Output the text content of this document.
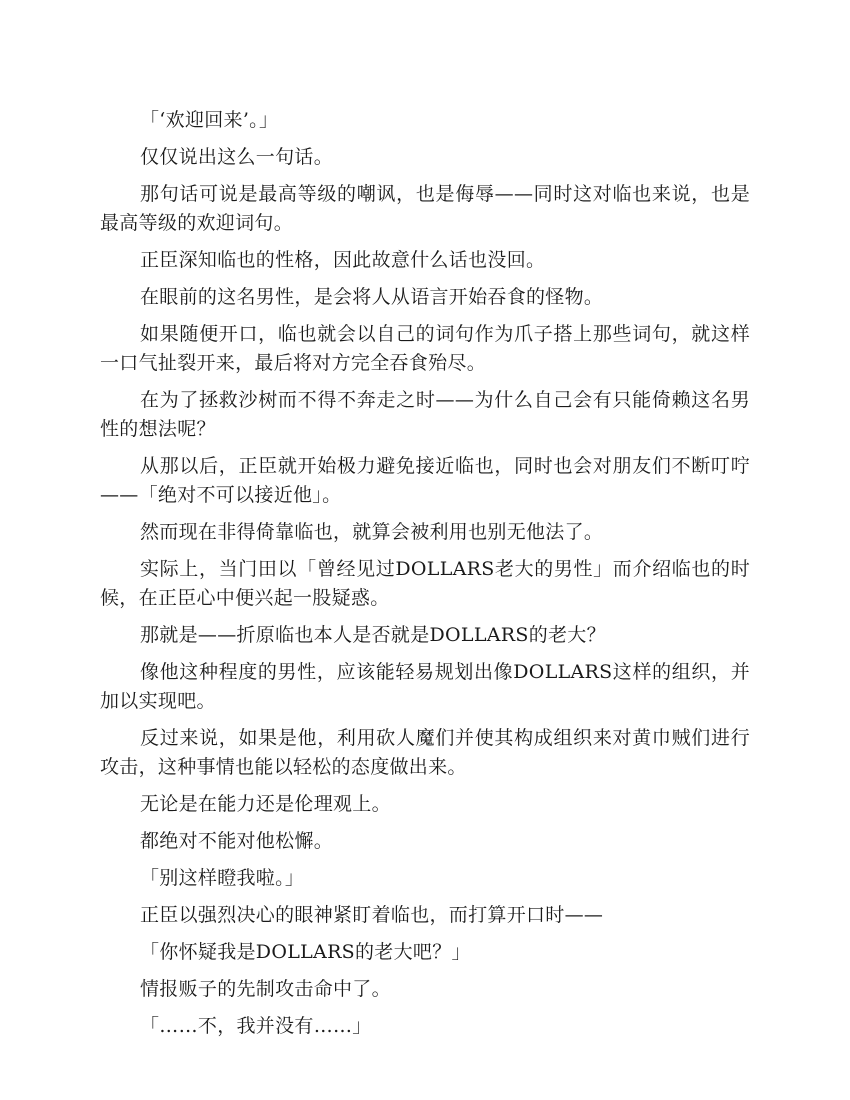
「‘欢迎回来’。」

仅仅说出这么一句话。

那句话可说是最高等级的嘲讽，也是侮辱——同时这对临也来说，也是最高等级的欢迎词句。

正臣深知临也的性格，因此故意什么话也没回。

在眼前的这名男性，是会将人从语言开始吞食的怪物。

如果随便开口，临也就会以自己的词句作为爪子搭上那些词句，就这样一口气扯裂开来，最后将对方完全吞食殆尽。

在为了拯救沙树而不得不奔走之时——为什么自己会有只能倚赖这名男性的想法呢？

从那以后，正臣就开始极力避免接近临也，同时也会对朋友们不断叮咛——「绝对不可以接近他」。

然而现在非得倚靠临也，就算会被利用也别无他法了。

实际上，当门田以「曾经见过DOLLARS老大的男性」而介绍临也的时候，在正臣心中便兴起一股疑惑。

那就是——折原临也本人是否就是DOLLARS的老大？

像他这种程度的男性，应该能轻易规划出像DOLLARS这样的组织，并加以实现吧。

反过来说，如果是他，利用砍人魔们并使其构成组织来对黄巾贼们进行攻击，这种事情也能以轻松的态度做出来。

无论是在能力还是伦理观上。

都绝对不能对他松懈。

「别这样瞪我啦。」

正臣以强烈决心的眼神紧盯着临也，而打算开口时——

「你怀疑我是DOLLARS的老大吧？」

情报贩子的先制攻击命中了。

「……不，我并没有……」
